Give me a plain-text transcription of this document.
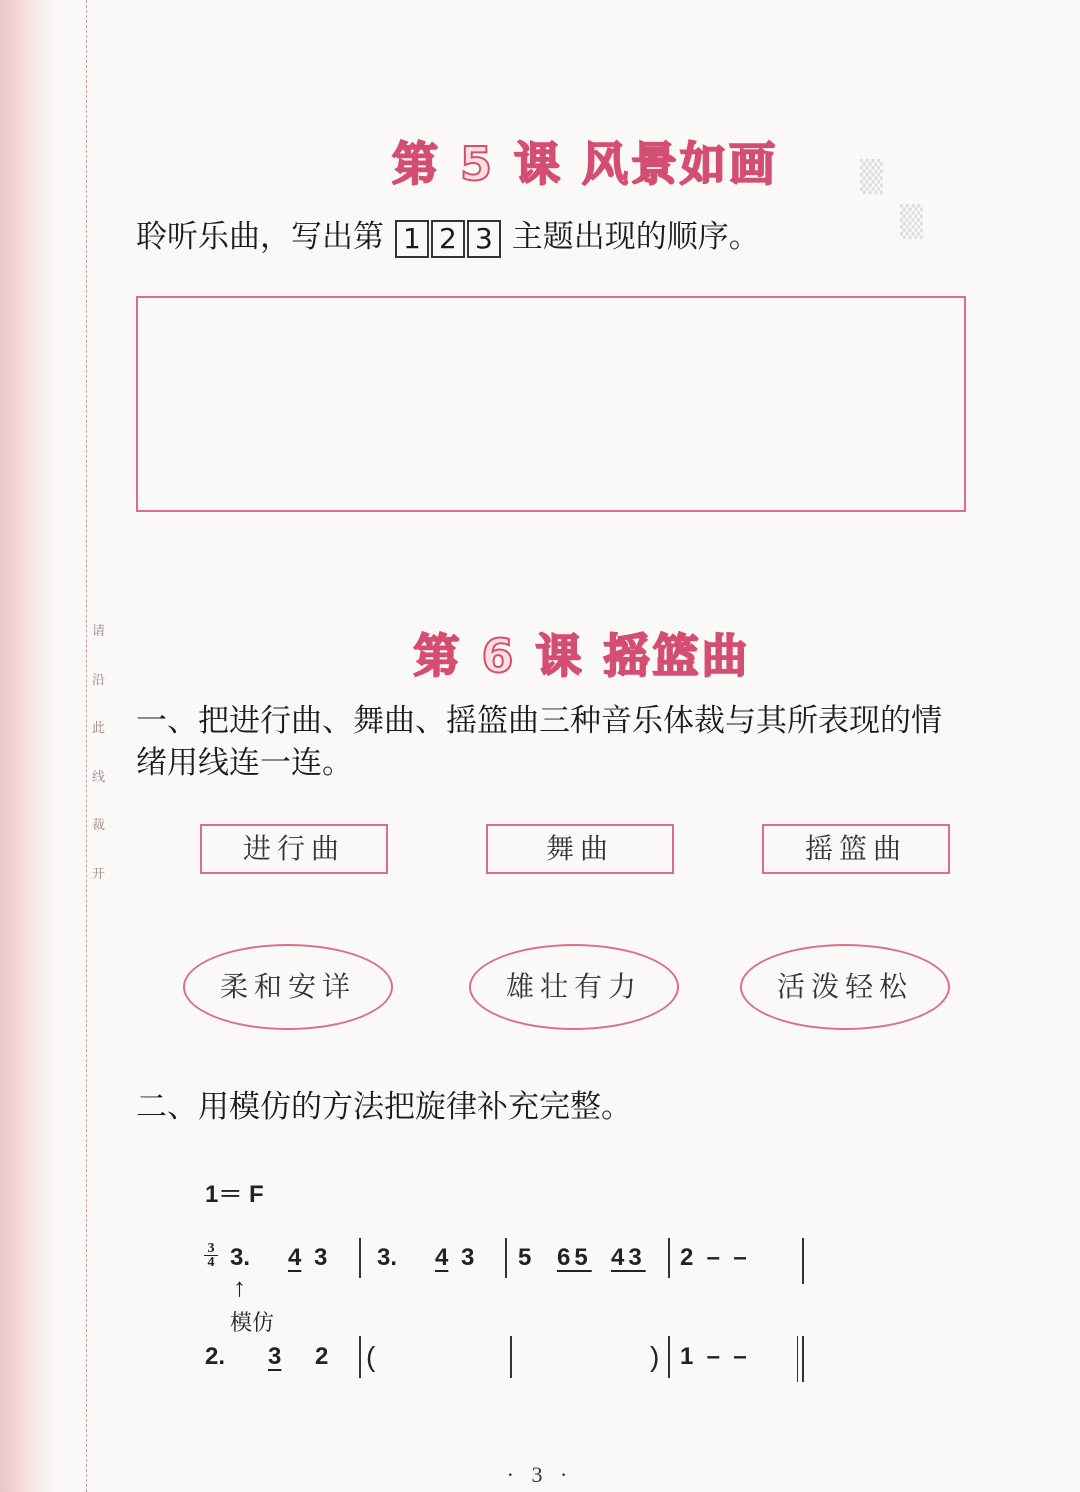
请
沿
此
线
裁
开
▒
▒
第 5 课 风景如画
聆听乐曲，写出第 1 2 3 主题出现的顺序。
第 6 课 摇篮曲
一、把进行曲、舞曲、摇篮曲三种音乐体裁与其所表现的情
绪用线连一连。
进行曲	舞曲	摇篮曲
柔和安详	雄壮有力	活泼轻松
二、用模仿的方法把旋律补充完整。
1＝ F
$\frac{3}{4} 3$. 4 3 3. 4 3 5 65 43 2  –  –
↑
模仿
2. 3 2 (	) 1  –  –
· 3 ·
